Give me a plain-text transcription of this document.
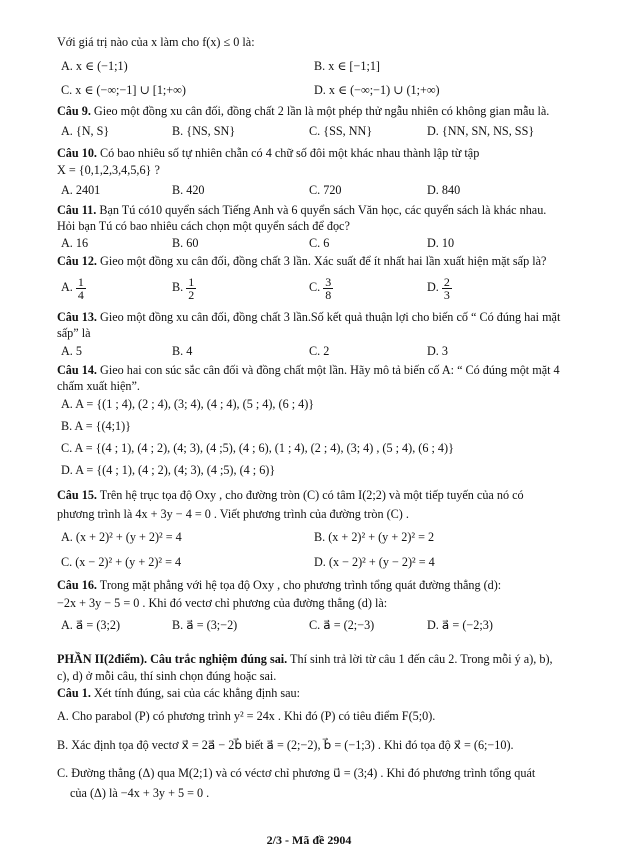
Với giá trị nào của x làm cho f(x) ≤ 0 là:
A. x ∈ (−1;1)	B. x ∈ [−1;1]
C. x ∈ (−∞;−1] ∪ [1;+∞)	D. x ∈ (−∞;−1) ∪ (1;+∞)
Câu 9. Gieo một đồng xu cân đối, đồng chất 2 lần là một phép thử ngẫu nhiên có không gian mẫu là.
A. {N, S}	B. {NS, SN}	C. {SS, NN}	D. {NN, SN, NS, SS}
Câu 10. Có bao nhiêu số tự nhiên chẵn có 4 chữ số đôi một khác nhau thành lập từ tập
X = {0,1,2,3,4,5,6} ?
A. 2401	B. 420	C. 720	D. 840
Câu 11. Bạn Tú có10 quyển sách Tiếng Anh và 6 quyển sách Văn học, các quyển sách là khác nhau.
Hỏi bạn Tú có bao nhiêu cách chọn một quyển sách để đọc?
A. 16	B. 60	C. 6	D. 10
Câu 12. Gieo một đồng xu cân đối, đồng chất 3 lần. Xác suất để ít nhất hai lần xuất hiện mặt sấp là?
A. $\frac{1}{4}$	B. $\frac{1}{2}$	C. $\frac{3}{8}$	D. $\frac{2}{3}$
Câu 13. Gieo một đồng xu cân đối, đồng chất 3 lần.Số kết quả thuận lợi cho biến cố “ Có đúng hai mặt
sấp” là
A. 5	B. 4	C. 2	D. 3
Câu 14. Gieo hai con súc sắc cân đối và đồng chất một lần. Hãy mô tả biến cố A: “ Có đúng một mặt 4
chấm xuất hiện”.
A. A = {(1 ; 4), (2 ; 4), (3; 4), (4 ; 4), (5 ; 4), (6 ; 4)}
B. A = {(4;1)}
C. A = {(4 ; 1), (4 ; 2), (4; 3), (4 ;5), (4 ; 6), (1 ; 4), (2 ; 4), (3; 4) , (5 ; 4), (6 ; 4)}
D. A = {(4 ; 1), (4 ; 2), (4; 3), (4 ;5), (4 ; 6)}
Câu 15. Trên hệ trục tọa độ Oxy , cho đường tròn (C) có tâm I(2;2) và một tiếp tuyến của nó có
phương trình là 4x + 3y − 4 = 0 . Viết phương trình của đường tròn (C) .
A. (x + 2)² + (y + 2)² = 4	B. (x + 2)² + (y + 2)² = 2
C. (x − 2)² + (y + 2)² = 4	D. (x − 2)² + (y − 2)² = 4
Câu 16. Trong mặt phẳng với hệ tọa độ Oxy , cho phương trình tổng quát đường thẳng (d):
−2x + 3y − 5 = 0 . Khi đó vectơ chỉ phương của đường thẳng (d) là:
A. a⃗ = (3;2)	B. a⃗ = (3;−2)	C. a⃗ = (2;−3)	D. a⃗ = (−2;3)
PHẦN II(2điểm). Câu trắc nghiệm đúng sai. Thí sinh trả lời từ câu 1 đến câu 2. Trong mỗi ý a), b),
c), d) ở mỗi câu, thí sinh chọn đúng hoặc sai.
Câu 1. Xét tính đúng, sai của các khẳng định sau:
A. Cho parabol (P) có phương trình y² = 24x . Khi đó (P) có tiêu điểm F(5;0).
B. Xác định tọa độ vectơ x⃗ = 2a⃗ − 2b⃗ biết a⃗ = (2;−2), b⃗ = (−1;3) . Khi đó tọa độ x⃗ = (6;−10).
C. Đường thẳng (Δ) qua M(2;1) và có véctơ chỉ phương u⃗ = (3;4) . Khi đó phương trình tổng quát
của (Δ) là −4x + 3y + 5 = 0 .
2/3 - Mã đề 2904
